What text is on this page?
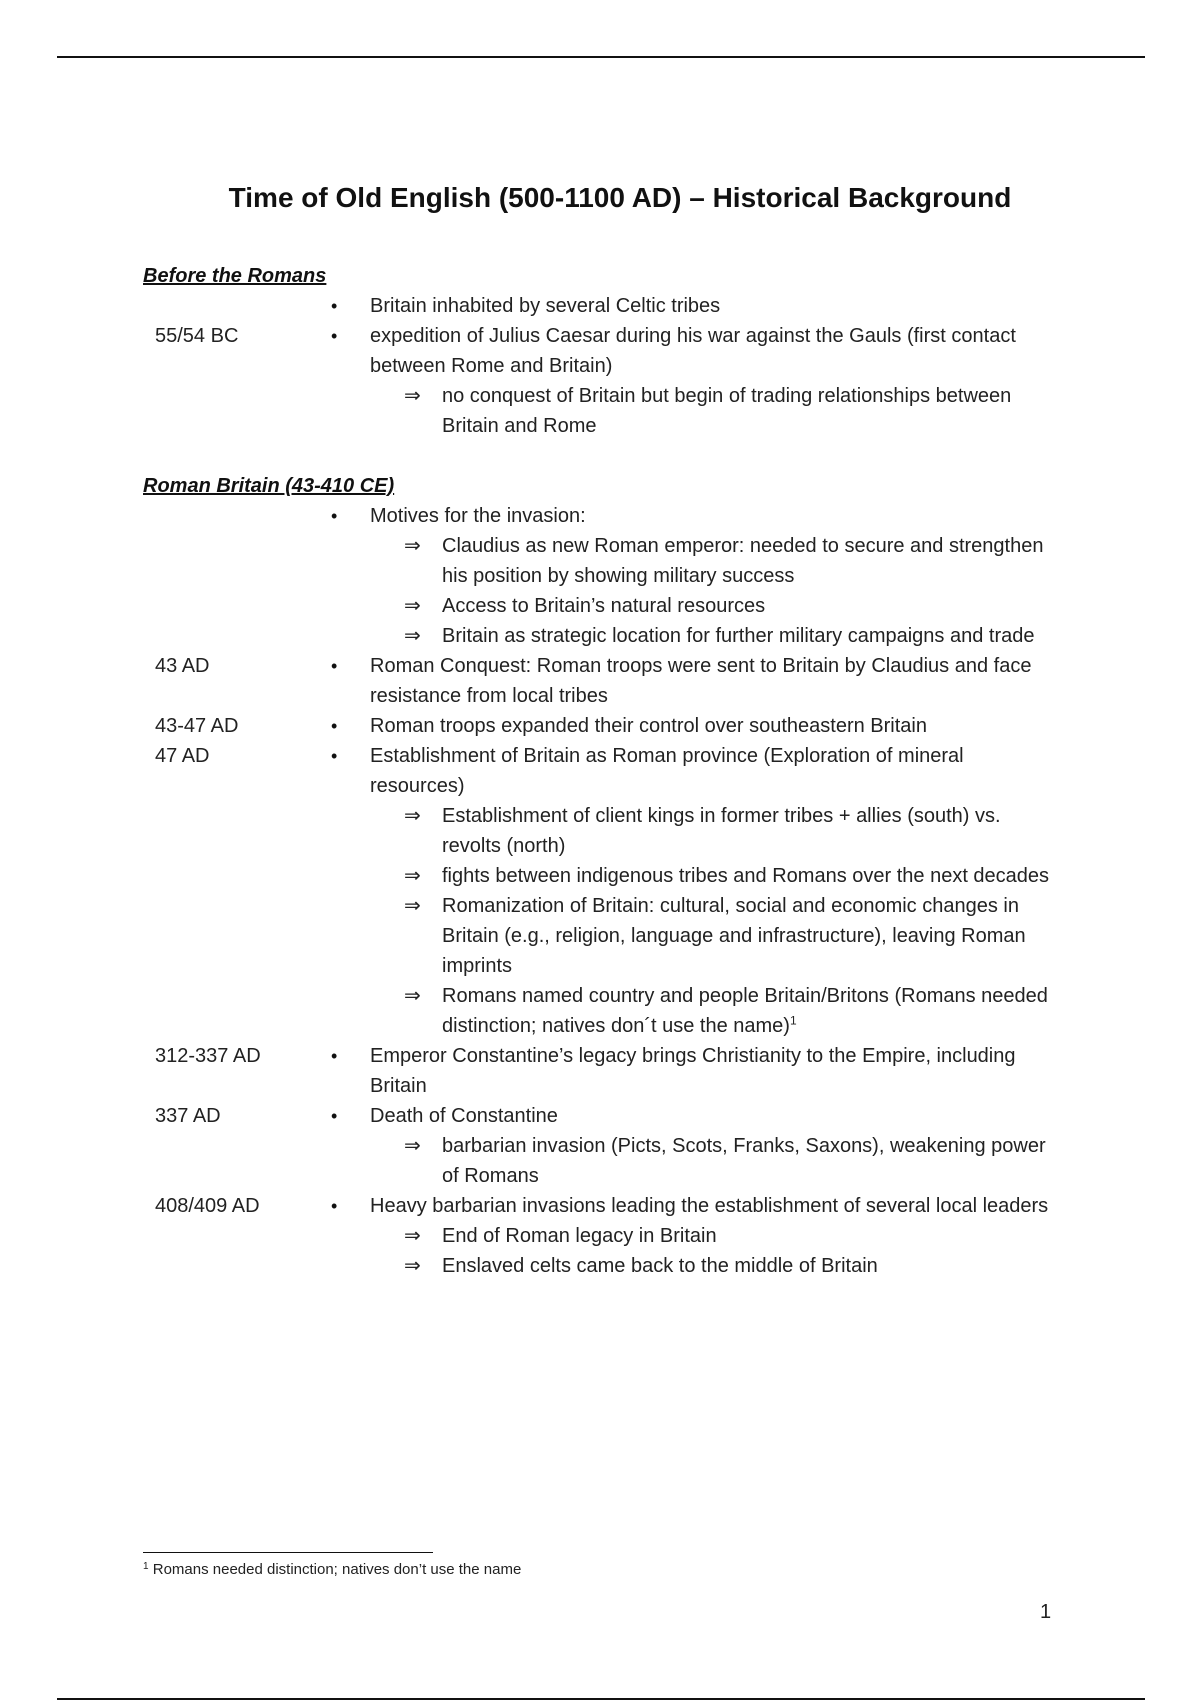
Time of Old English (500-1100 AD) – Historical Background
Before the Romans
• Britain inhabited by several Celtic tribes
55/54 BC	• expedition of Julius Caesar during his war against the Gauls (first contact between Rome and Britain)
⇒ no conquest of Britain but begin of trading relationships between Britain and Rome
Roman Britain (43-410 CE)
• Motives for the invasion:
⇒ Claudius as new Roman emperor: needed to secure and strengthen his position by showing military success
⇒ Access to Britain’s natural resources
⇒ Britain as strategic location for further military campaigns and trade
43 AD	• Roman Conquest: Roman troops were sent to Britain by Claudius and face resistance from local tribes
43-47 AD	• Roman troops expanded their control over southeastern Britain
47 AD	• Establishment of Britain as Roman province (Exploration of mineral resources)
⇒ Establishment of client kings in former tribes + allies (south) vs. revolts (north)
⇒ fights between indigenous tribes and Romans over the next decades
⇒ Romanization of Britain: cultural, social and economic changes in Britain (e.g., religion, language and infrastructure), leaving Roman imprints
⇒ Romans named country and people Britain/Britons (Romans needed distinction; natives don´t use the name)$^1$
312-337 AD	• Emperor Constantine’s legacy brings Christianity to the Empire, including Britain
337 AD	• Death of Constantine
⇒ barbarian invasion (Picts, Scots, Franks, Saxons), weakening power of Romans
408/409 AD	• Heavy barbarian invasions leading the establishment of several local leaders
⇒ End of Roman legacy in Britain
⇒ Enslaved celts came back to the middle of Britain
$^1$ Romans needed distinction; natives don’t use the name
1
